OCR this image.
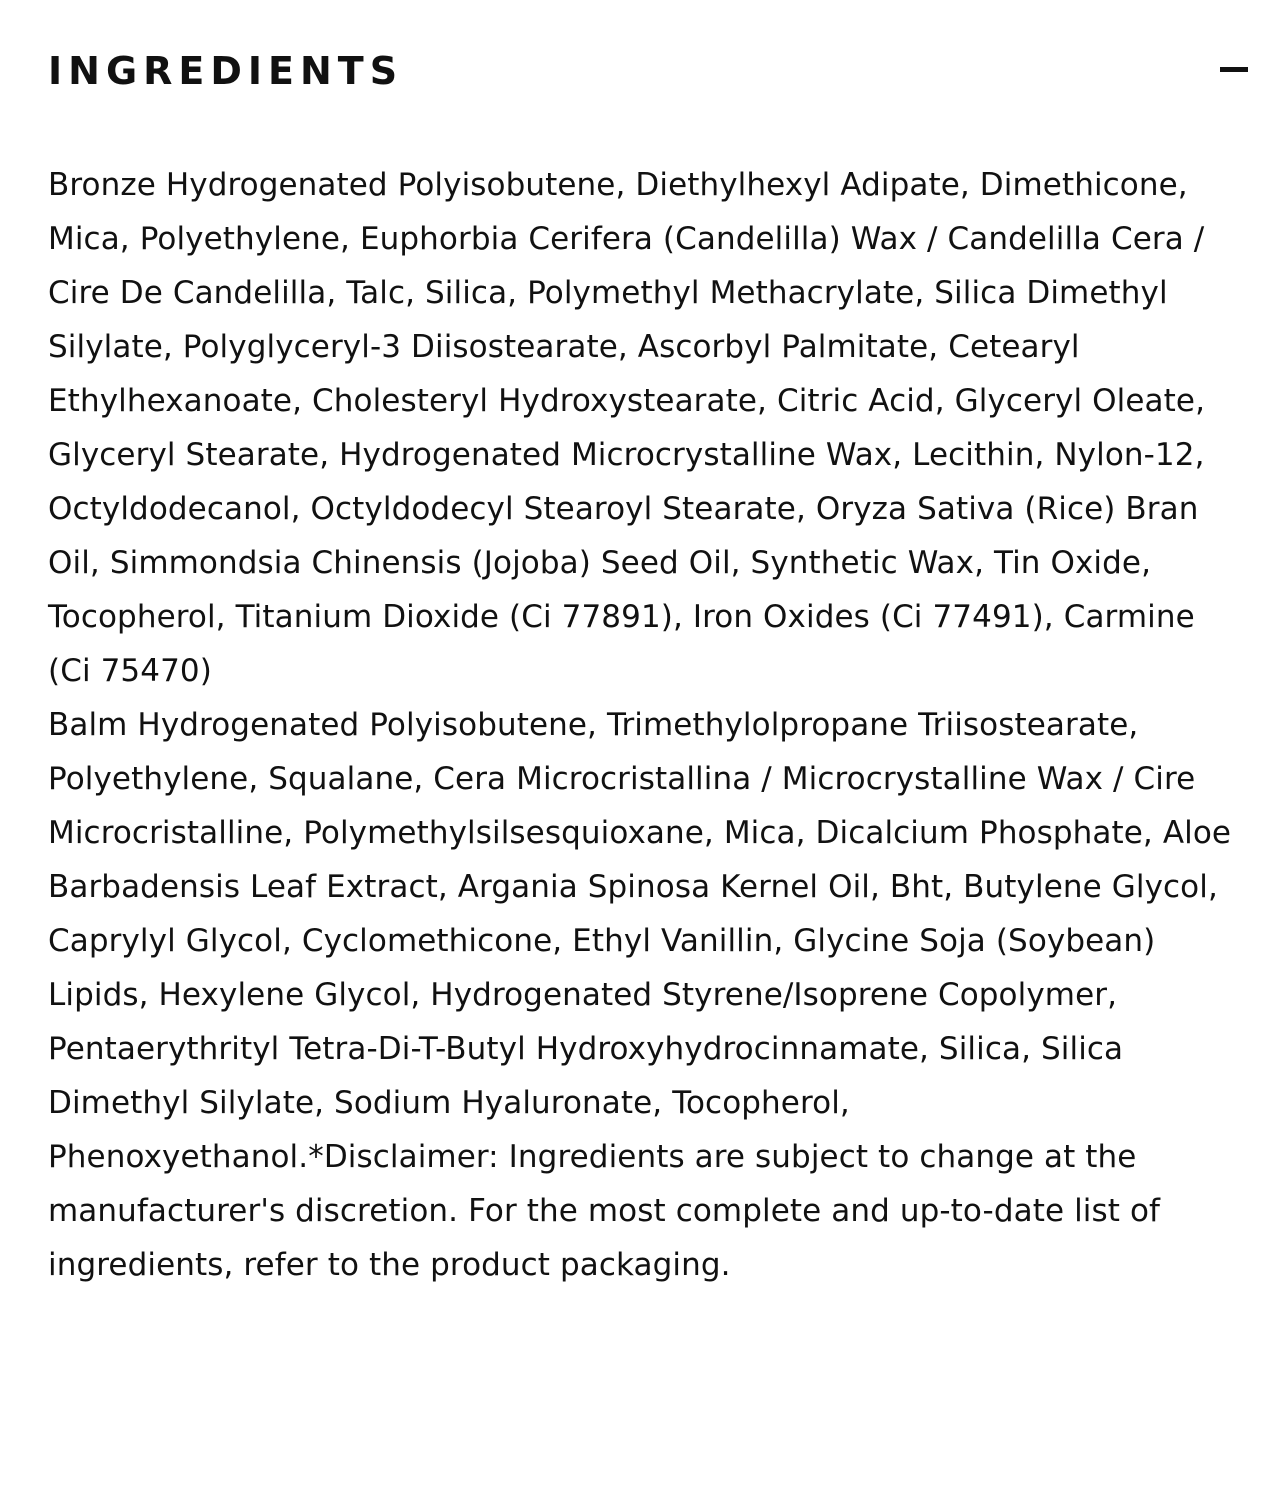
INGREDIENTS

Bronze Hydrogenated Polyisobutene, Diethylhexyl Adipate, Dimethicone, Mica, Polyethylene, Euphorbia Cerifera (Candelilla) Wax / Candelilla Cera / Cire De Candelilla, Talc, Silica, Polymethyl Methacrylate, Silica Dimethyl Silylate, Polyglyceryl-3 Diisostearate, Ascorbyl Palmitate, Cetearyl Ethylhexanoate, Cholesteryl Hydroxystearate, Citric Acid, Glyceryl Oleate, Glyceryl Stearate, Hydrogenated Microcrystalline Wax, Lecithin, Nylon-12, Octyldodecanol, Octyldodecyl Stearoyl Stearate, Oryza Sativa (Rice) Bran Oil, Simmondsia Chinensis (Jojoba) Seed Oil, Synthetic Wax, Tin Oxide, Tocopherol, Titanium Dioxide (Ci 77891), Iron Oxides (Ci 77491), Carmine (Ci 75470)

Balm Hydrogenated Polyisobutene, Trimethylolpropane Triisostearate, Polyethylene, Squalane, Cera Microcristallina / Microcrystalline Wax / Cire Microcristalline, Polymethylsilsesquioxane, Mica, Dicalcium Phosphate, Aloe Barbadensis Leaf Extract, Argania Spinosa Kernel Oil, Bht, Butylene Glycol, Caprylyl Glycol, Cyclomethicone, Ethyl Vanillin, Glycine Soja (Soybean) Lipids, Hexylene Glycol, Hydrogenated Styrene/Isoprene Copolymer, Pentaerythrityl Tetra-Di-T-Butyl Hydroxyhydrocinnamate, Silica, Silica Dimethyl Silylate, Sodium Hyaluronate, Tocopherol, Phenoxyethanol.*Disclaimer: Ingredients are subject to change at the manufacturer's discretion. For the most complete and up-to-date list of ingredients, refer to the product packaging.
